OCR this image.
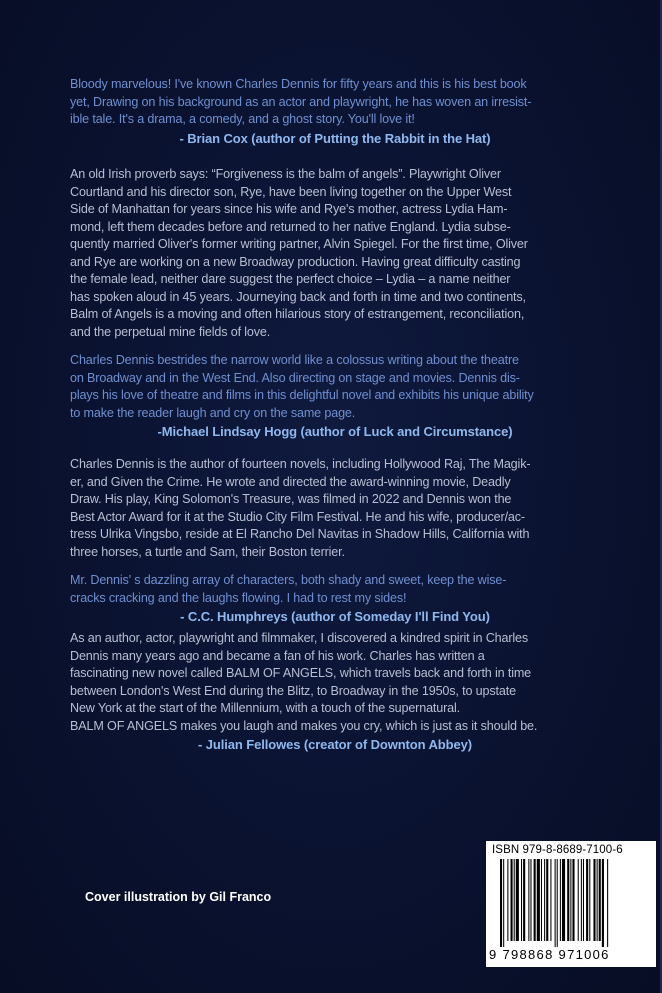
Bloody marvelous! I've known Charles Dennis for fifty years and this is his best book
yet, Drawing on his background as an actor and playwright, he has woven an irresist-
ible tale. It's a drama, a comedy, and a ghost story. You'll love it!

- Brian Cox (author of Putting the Rabbit in the Hat)

An old Irish proverb says: “Forgiveness is the balm of angels”. Playwright Oliver
Courtland and his director son, Rye, have been living together on the Upper West
Side of Manhattan for years since his wife and Rye's mother, actress Lydia Ham-
mond, left them decades before and returned to her native England. Lydia subse-
quently married Oliver's former writing partner, Alvin Spiegel. For the first time, Oliver
and Rye are working on a new Broadway production. Having great difficulty casting
the female lead, neither dare suggest the perfect choice – Lydia – a name neither
has spoken aloud in 45 years. Journeying back and forth in time and two continents,
Balm of Angels is a moving and often hilarious story of estrangement, reconciliation,
and the perpetual mine fields of love.

Charles Dennis bestrides the narrow world like a colossus writing about the theatre
on Broadway and in the West End. Also directing on stage and movies. Dennis dis-
plays his love of theatre and films in this delightful novel and exhibits his unique ability
to make the reader laugh and cry on the same page.

-Michael Lindsay Hogg (author of Luck and Circumstance)

Charles Dennis is the author of fourteen novels, including Hollywood Raj, The Magik-
er, and Given the Crime. He wrote and directed the award-winning movie, Deadly
Draw. His play, King Solomon's Treasure, was filmed in 2022 and Dennis won the
Best Actor Award for it at the Studio City Film Festival. He and his wife, producer/ac-
tress Ulrika Vingsbo, reside at El Rancho Del Navitas in Shadow Hills, California with
three horses, a turtle and Sam, their Boston terrier.

Mr. Dennis' s dazzling array of characters, both shady and sweet, keep the wise-
cracks cracking and the laughs flowing. I had to rest my sides!

- C.C. Humphreys (author of Someday I'll Find You)

As an author, actor, playwright and filmmaker, I discovered a kindred spirit in Charles
Dennis many years ago and became a fan of his work. Charles has written a
fascinating new novel called BALM OF ANGELS, which travels back and forth in time
between London's West End during the Blitz, to Broadway in the 1950s, to upstate
New York at the start of the Millennium, with a touch of the supernatural.
BALM OF ANGELS makes you laugh and makes you cry, which is just as it should be.

- Julian Fellowes (creator of Downton Abbey)

Cover illustration by Gil Franco
ISBN 979-8-8689-7100-6
9 798868 971006
